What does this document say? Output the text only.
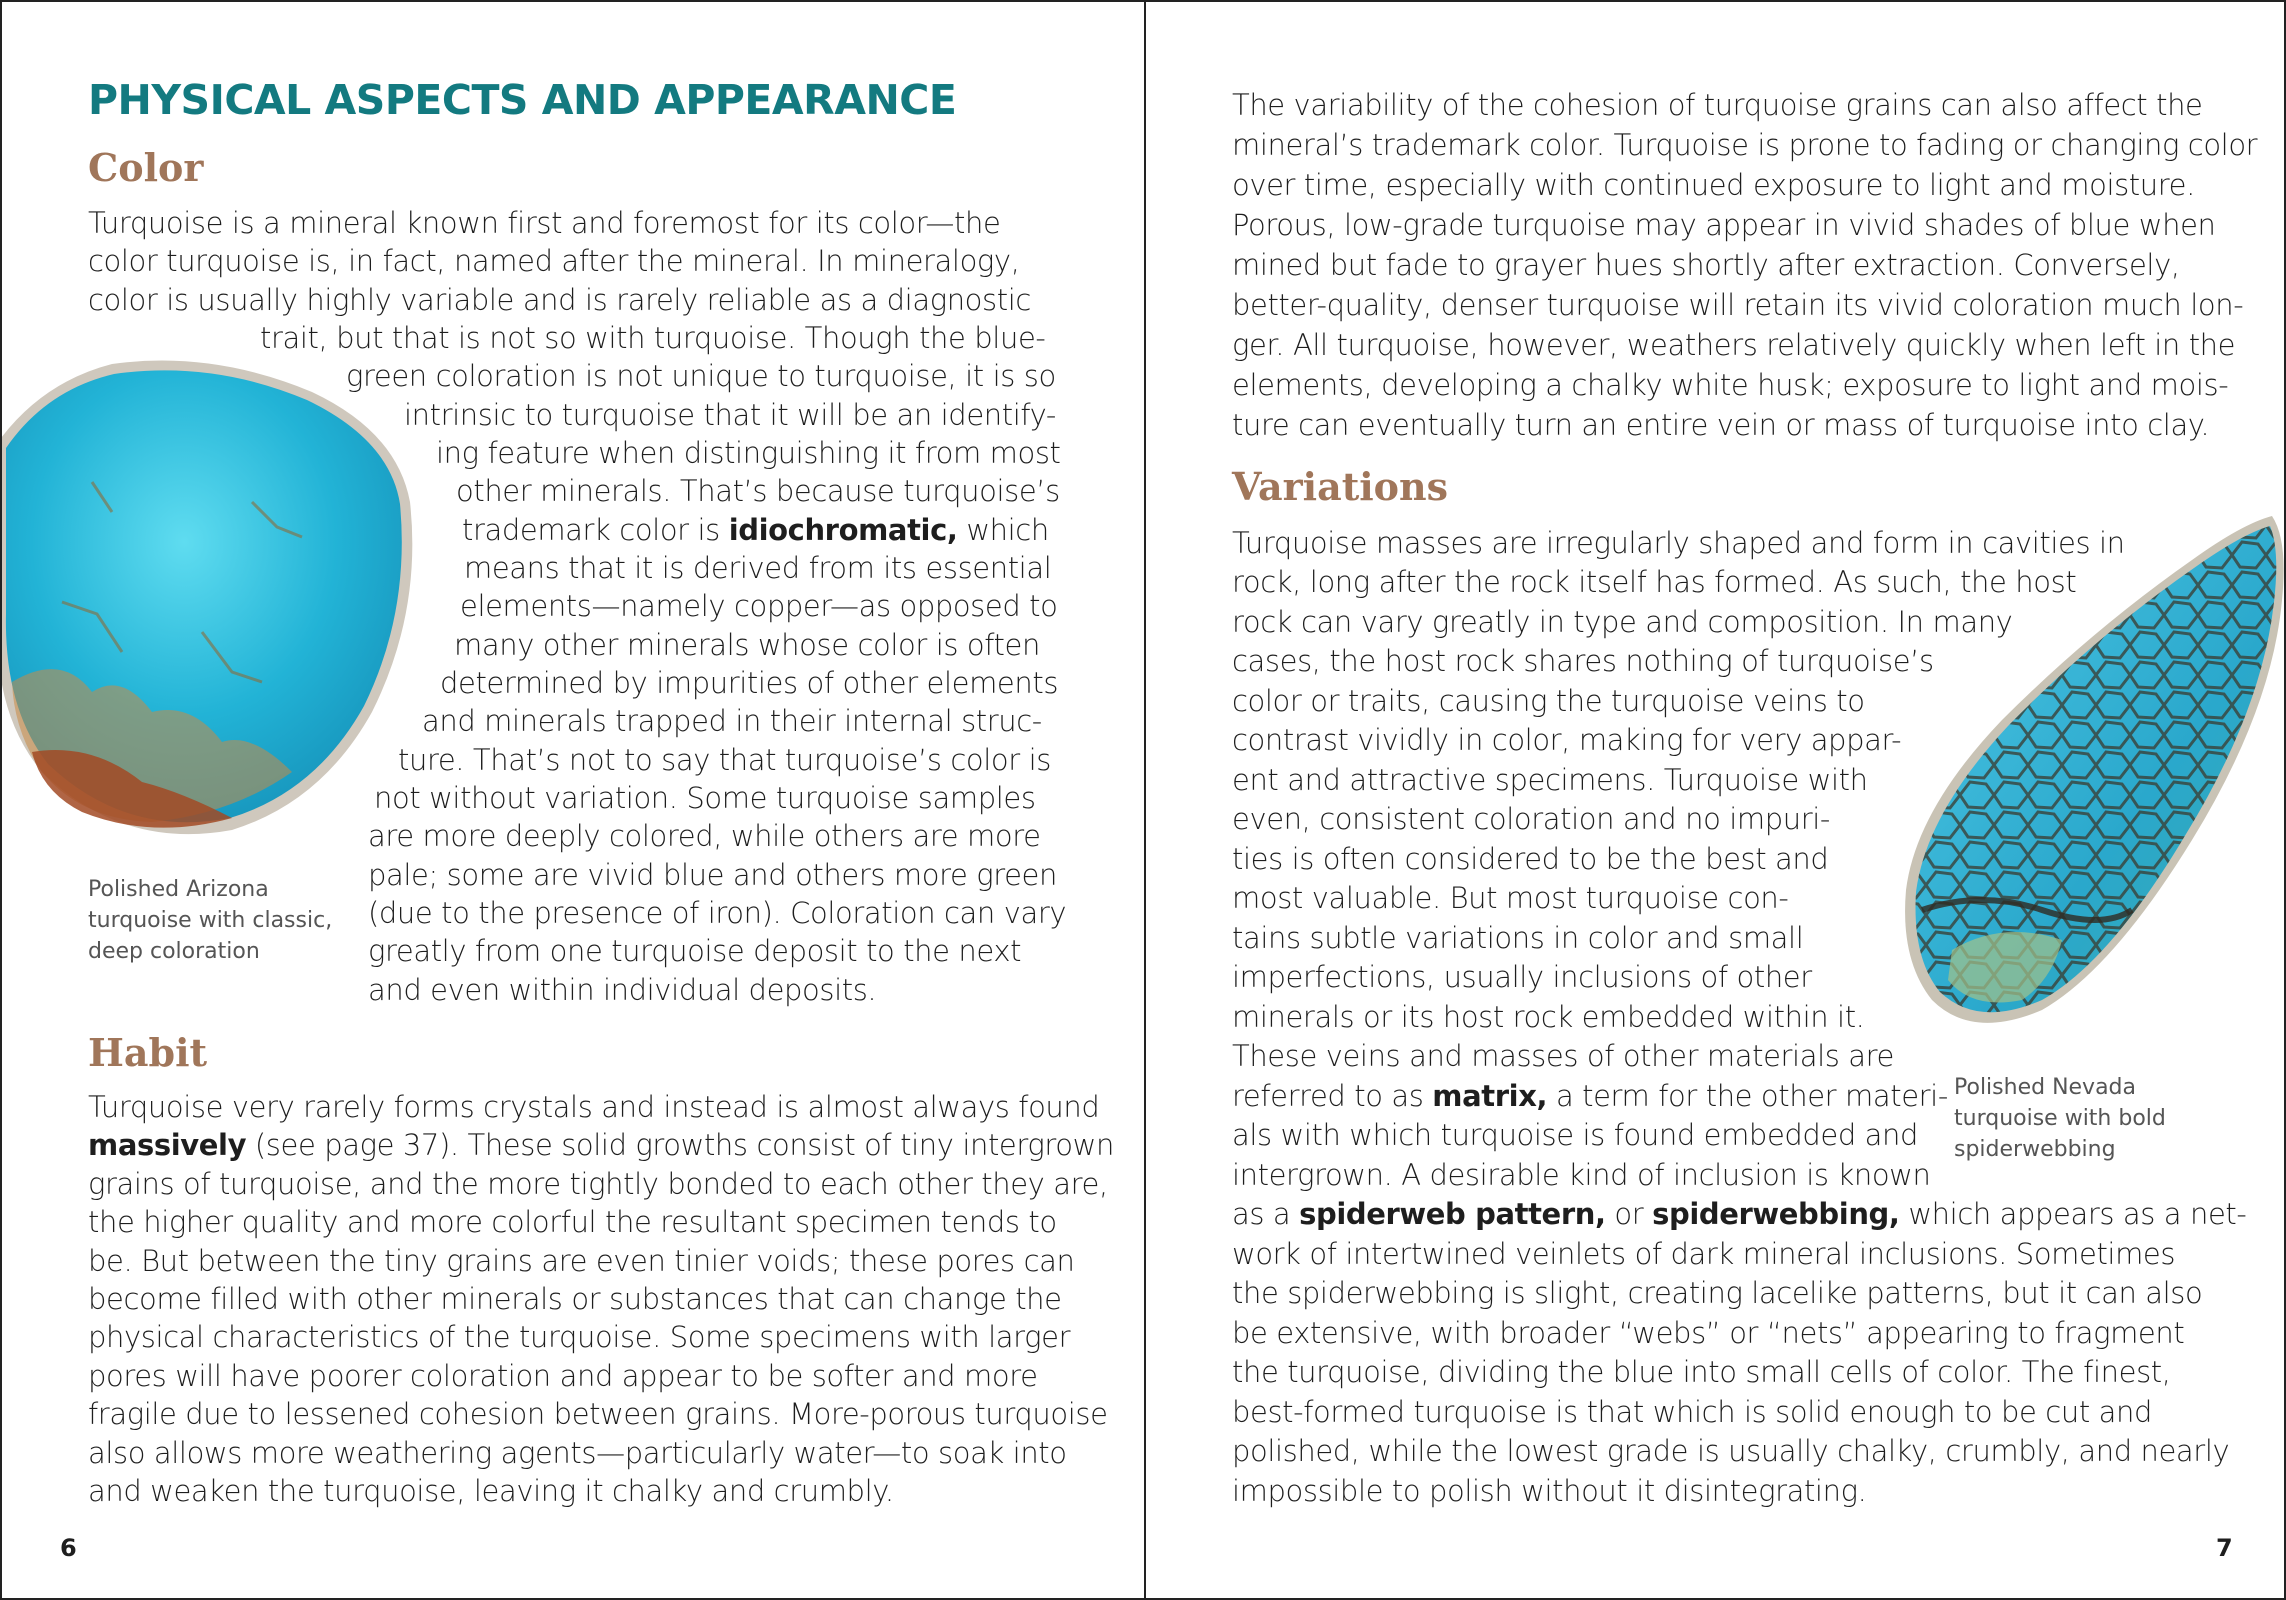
PHYSICAL ASPECTS AND APPEARANCE
Color

Turquoise is a mineral known first and foremost for its color—the

color turquoise is, in fact, named after the mineral. In mineralogy,

color is usually highly variable and is rarely reliable as a diagnostic

trait, but that is not so with turquoise. Though the blue-

green coloration is not unique to turquoise, it is so

intrinsic to turquoise that it will be an identify-

ing feature when distinguishing it from most

other minerals. That’s because turquoise’s

trademark color is idiochromatic, which

means that it is derived from its essential

elements—namely copper—as opposed to

many other minerals whose color is often

determined by impurities of other elements

and minerals trapped in their internal struc-

ture. That’s not to say that turquoise’s color is

not without variation. Some turquoise samples

are more deeply colored, while others are more

pale; some are vivid blue and others more green

(due to the presence of iron). Coloration can vary

greatly from one turquoise deposit to the next

and even within individual deposits.

Polished Arizona

turquoise with classic,

deep coloration

Habit

Turquoise very rarely forms crystals and instead is almost always found

massively (see page 37). These solid growths consist of tiny intergrown

grains of turquoise, and the more tightly bonded to each other they are,

the higher quality and more colorful the resultant specimen tends to

be. But between the tiny grains are even tinier voids; these pores can

become filled with other minerals or substances that can change the

physical characteristics of the turquoise. Some specimens with larger

pores will have poorer coloration and appear to be softer and more

fragile due to lessened cohesion between grains. More-porous turquoise

also allows more weathering agents—particularly water—to soak into

and weaken the turquoise, leaving it chalky and crumbly.

6

The variability of the cohesion of turquoise grains can also affect the

mineral’s trademark color. Turquoise is prone to fading or changing color

over time, especially with continued exposure to light and moisture.

Porous, low-grade turquoise may appear in vivid shades of blue when

mined but fade to grayer hues shortly after extraction. Conversely,

better-quality, denser turquoise will retain its vivid coloration much lon-

ger. All turquoise, however, weathers relatively quickly when left in the

elements, developing a chalky white husk; exposure to light and mois-

ture can eventually turn an entire vein or mass of turquoise into clay.

Variations

Turquoise masses are irregularly shaped and form in cavities in

rock, long after the rock itself has formed. As such, the host

rock can vary greatly in type and composition. In many

cases, the host rock shares nothing of turquoise’s

color or traits, causing the turquoise veins to

contrast vividly in color, making for very appar-

ent and attractive specimens. Turquoise with

even, consistent coloration and no impuri-

ties is often considered to be the best and

most valuable. But most turquoise con-

tains subtle variations in color and small

imperfections, usually inclusions of other

minerals or its host rock embedded within it.

These veins and masses of other materials are

referred to as matrix, a term for the other materi-

als with which turquoise is found embedded and

intergrown. A desirable kind of inclusion is known

as a spiderweb pattern, or spiderwebbing, which appears as a net-

work of intertwined veinlets of dark mineral inclusions. Sometimes

the spiderwebbing is slight, creating lacelike patterns, but it can also

be extensive, with broader “webs” or “nets” appearing to fragment

the turquoise, dividing the blue into small cells of color. The finest,

best-formed turquoise is that which is solid enough to be cut and

polished, while the lowest grade is usually chalky, crumbly, and nearly

impossible to polish without it disintegrating.

Polished Nevada

turquoise with bold

spiderwebbing

7
